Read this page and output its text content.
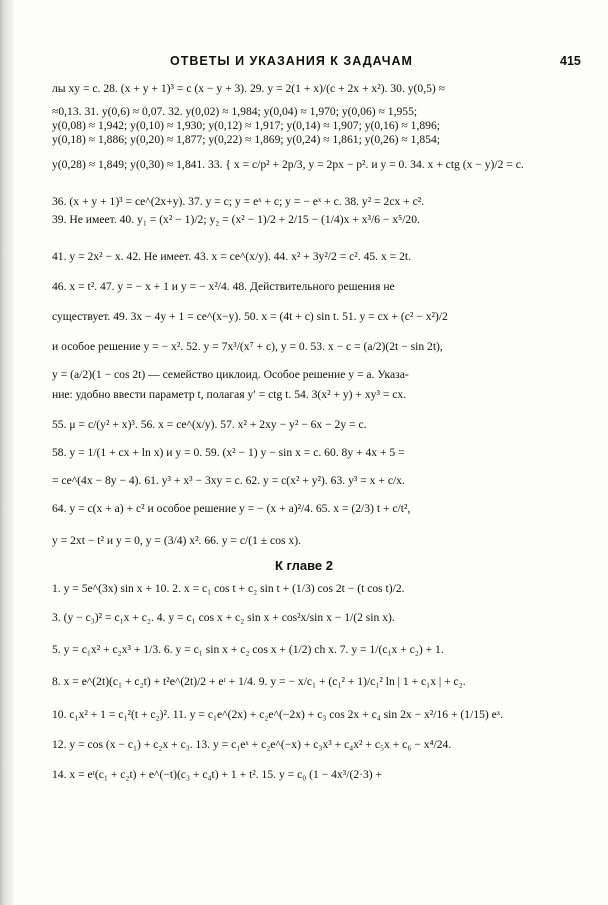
ОТВЕТЫ И УКАЗАНИЯ К ЗАДАЧАМ	415
лы xy = c. 28. (x + y + 1)³ = c (x − y + 3). 29. y = 2(1 + x)/(c + 2x + x²). 30. y(0,5) ≈
≈0,13. 31. y(0,6) ≈ 0,07. 32. y(0,02) ≈ 1,984; y(0,04) ≈ 1,970; y(0,06) ≈ 1,955;
y(0,08) ≈ 1,942; y(0,10) ≈ 1,930; y(0,12) ≈ 1,917; y(0,14) ≈ 1,907; y(0,16) ≈ 1,896;
y(0,18) ≈ 1,886; y(0,20) ≈ 1,877; y(0,22) ≈ 1,869; y(0,24) ≈ 1,861; y(0,26) ≈ 1,854;
y(0,28) ≈ 1,849; y(0,30) ≈ 1,841. 33. { x = c/p² + 2p/3, y = 2px − p². и y = 0. 34. x + ctg (x − y)/2 = c.
36. (x + y + 1)³ = ce^(2x+y). 37. y = c; y = eˣ + c; y = − eˣ + c. 38. y² = 2cx + c².
39. Не имеет. 40. y₁ = (x² − 1)/2; y₂ = (x² − 1)/2 + 2/15 − (1/4)x + x³/6 − x⁵/20.
41. y = 2x² − x. 42. Не имеет. 43. x = ce^(x/y). 44. x² + 3y²/2 = c². 45. x = 2t.
46. x = t². 47. y = − x + 1 и y = − x²/4. 48. Действительного решения не
существует. 49. 3x − 4y + 1 = ce^(x−y). 50. x = (4t + c) sin t. 51. y = cx + (c² − x²)/2
и особое решение y = − x². 52. y = 7x³/(x⁷ + c), y = 0. 53. x − c = (a/2)(2t − sin 2t),
y = (a/2)(1 − cos 2t) — семейство циклоид. Особое решение y = a. Указа-
ние: удобно ввести параметр t, полагая y′ = ctg t. 54. 3(x² + y) + xy³ = cx.
55. μ = c/(y² + x)³. 56. x = ce^(x/y). 57. x² + 2xy − y² − 6x − 2y = c.
58. y = 1/(1 + cx + ln x) и y = 0. 59. (x² − 1) y − sin x = c. 60. 8y + 4x + 5 =
= ce^(4x − 8y − 4). 61. y³ + x³ − 3xy = c. 62. y = c(x² + y²). 63. y³ = x + c/x.
64. y = c(x + a) + c² и особое решение y = − (x + a)²/4. 65. x = (2/3) t + c/t²,
y = 2xt − t² и y = 0, y = (3/4) x². 66. y = c/(1 ± cos x).
К главе 2
1. y = 5e^(3x) sin x + 10. 2. x = c₁ cos t + c₂ sin t + (1/3) cos 2t − (t cos t)/2.
3. (y − c₃)² = c₁x + c₂. 4. y = c₁ cos x + c₂ sin x + cos²x/sin x − 1/(2 sin x).
5. y = c₁x² + c₂x³ + 1/3. 6. y = c₁ sin x + c₂ cos x + (1/2) ch x. 7. y = 1/(c₁x + c₂) + 1.
8. x = e^(2t)(c₁ + c₂t) + t²e^(2t)/2 + eᵗ + 1/4. 9. y = − x/c₁ + (c₁² + 1)/c₁² ln | 1 + c₁x | + c₂.
10. c₁x² + 1 = c₁²(t + c₂)². 11. y = c₁e^(2x) + c₂e^(−2x) + c₃ cos 2x + c₄ sin 2x − x²/16 + (1/15) eˣ.
12. y = cos (x − c₁) + c₂x + c₃. 13. y = c₁eˣ + c₂e^(−x) + c₃x³ + c₄x² + c₅x + c₆ − x⁴/24.
14. x = eᵗ(c₁ + c₂t) + e^(−t)(c₃ + c₄t) + 1 + t². 15. y = c₀ (1 − 4x³/(2·3) +
